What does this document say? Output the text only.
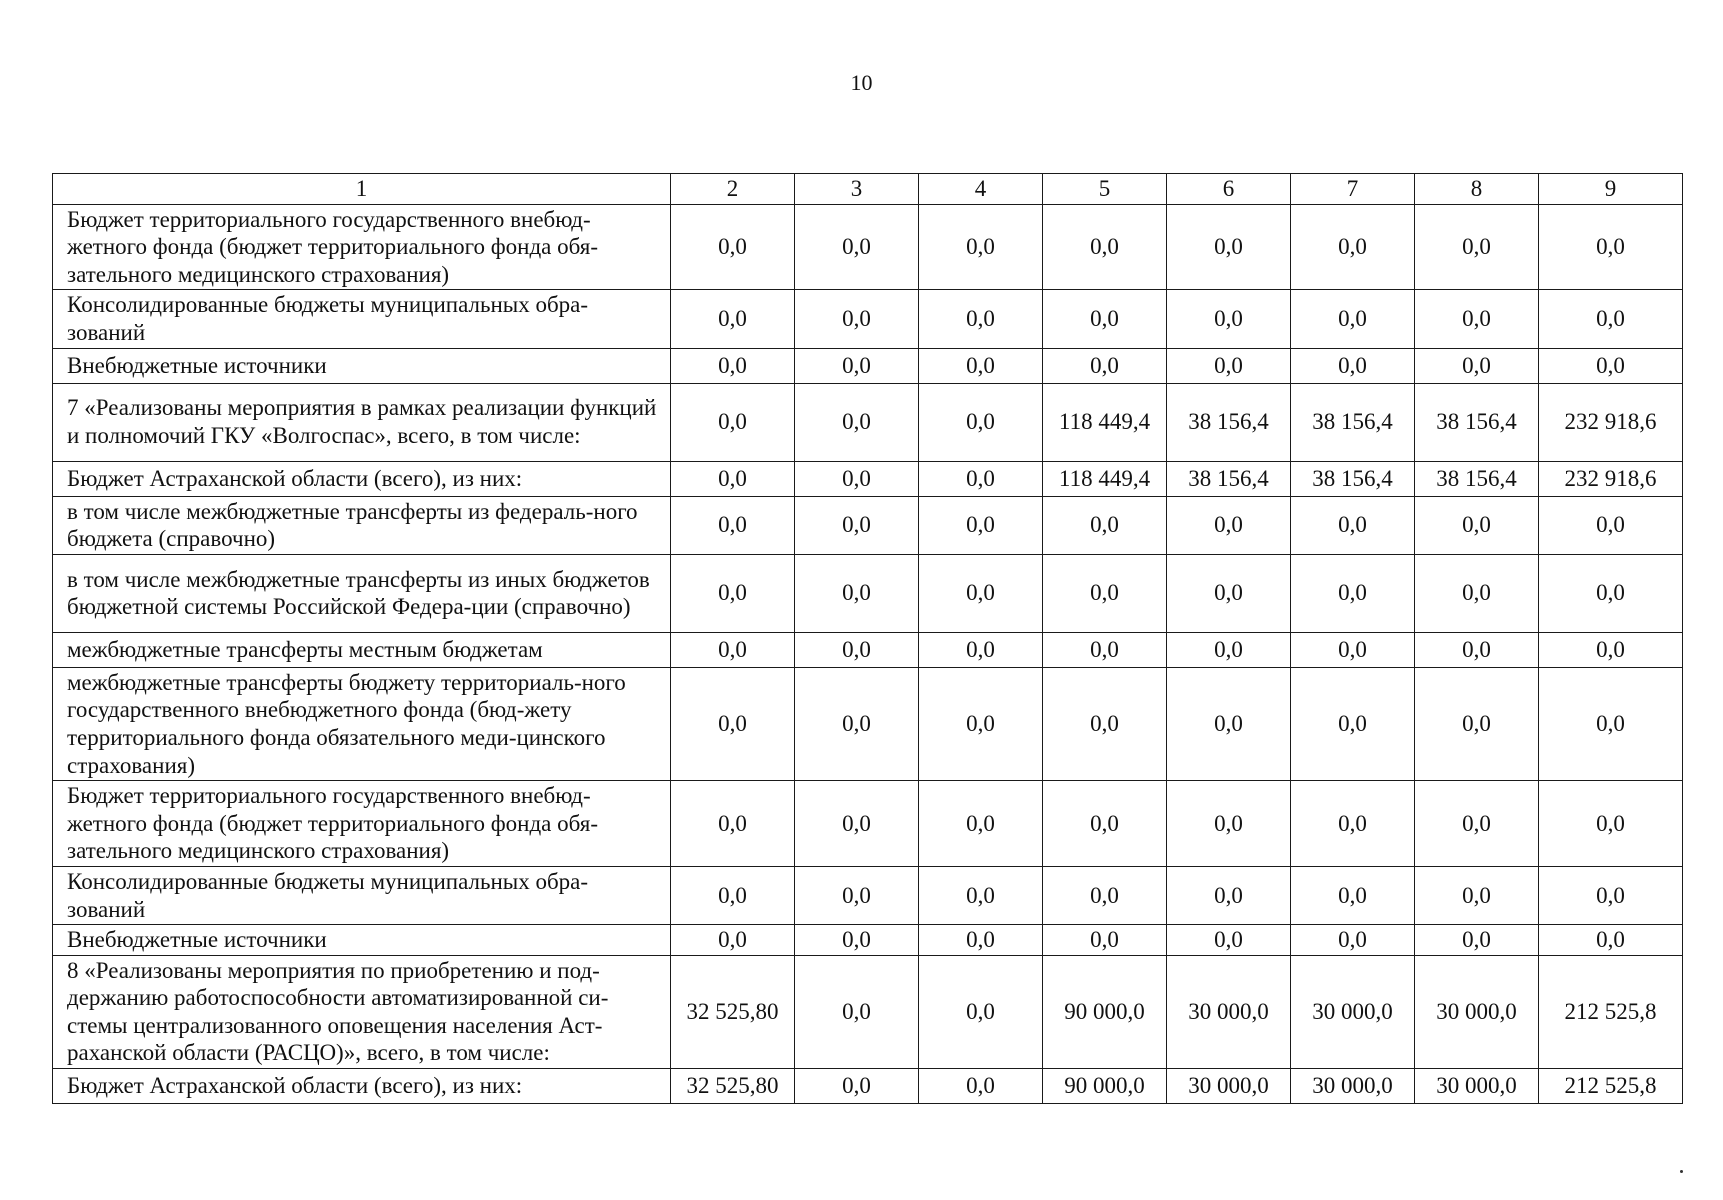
10
1	2	3	4	5	6	7	8	9
Бюджет территориального государственного внебюд-жетного фонда (бюджет территориального фонда обя-зательного медицинского страхования)	0,0	0,0	0,0	0,0	0,0	0,0	0,0	0,0
Консолидированные бюджеты муниципальных обра-зований	0,0	0,0	0,0	0,0	0,0	0,0	0,0	0,0
Внебюджетные источники	0,0	0,0	0,0	0,0	0,0	0,0	0,0	0,0
7 «Реализованы мероприятия в рамках реализации функций и полномочий ГКУ «Волгоспас», всего, в том числе:	0,0	0,0	0,0	118 449,4	38 156,4	38 156,4	38 156,4	232 918,6
Бюджет Астраханской области (всего), из них:	0,0	0,0	0,0	118 449,4	38 156,4	38 156,4	38 156,4	232 918,6
в том числе межбюджетные трансферты из федераль-ного бюджета (справочно)	0,0	0,0	0,0	0,0	0,0	0,0	0,0	0,0
в том числе межбюджетные трансферты из иных бюджетов бюджетной системы Российской Федера-ции (справочно)	0,0	0,0	0,0	0,0	0,0	0,0	0,0	0,0
межбюджетные трансферты местным бюджетам	0,0	0,0	0,0	0,0	0,0	0,0	0,0	0,0
межбюджетные трансферты бюджету территориаль-ного государственного внебюджетного фонда (бюд-жету территориального фонда обязательного меди-цинского страхования)	0,0	0,0	0,0	0,0	0,0	0,0	0,0	0,0
Бюджет территориального государственного внебюд-жетного фонда (бюджет территориального фонда обя-зательного медицинского страхования)	0,0	0,0	0,0	0,0	0,0	0,0	0,0	0,0
Консолидированные бюджеты муниципальных обра-зований	0,0	0,0	0,0	0,0	0,0	0,0	0,0	0,0
Внебюджетные источники	0,0	0,0	0,0	0,0	0,0	0,0	0,0	0,0
8 «Реализованы мероприятия по приобретению и под-держанию работоспособности автоматизированной си-стемы централизованного оповещения населения Аст-раханской области (РАСЦО)», всего, в том числе:	32 525,80	0,0	0,0	90 000,0	30 000,0	30 000,0	30 000,0	212 525,8
Бюджет Астраханской области (всего), из них:	32 525,80	0,0	0,0	90 000,0	30 000,0	30 000,0	30 000,0	212 525,8
